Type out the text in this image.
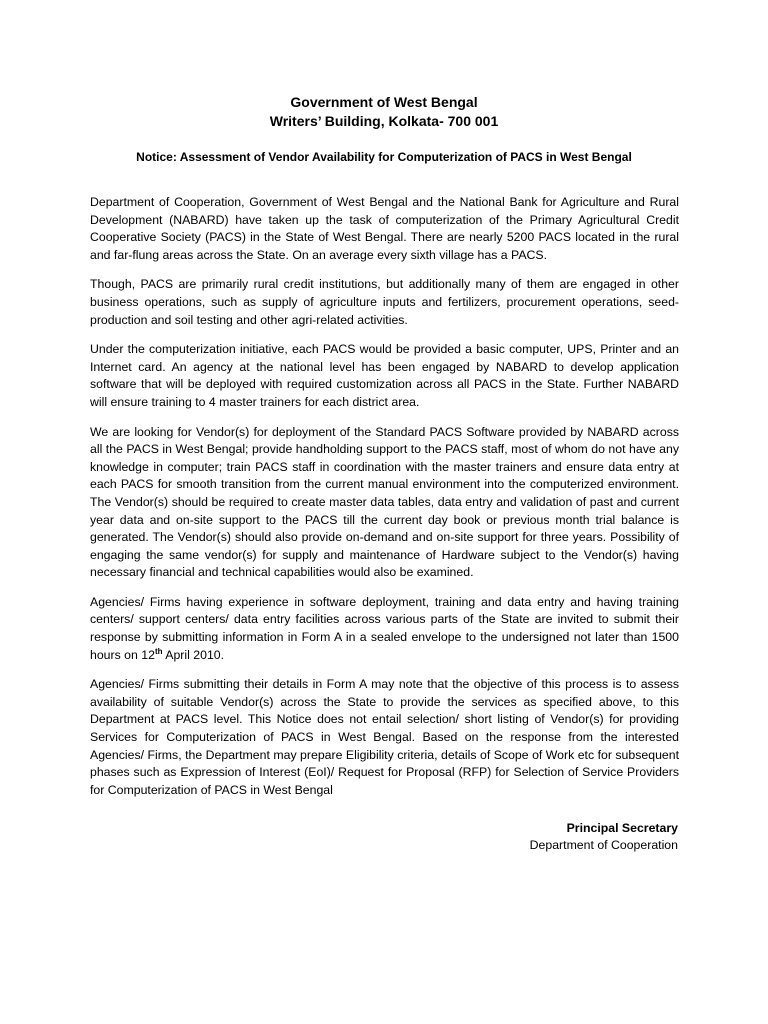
Government of West Bengal
Writers’ Building, Kolkata- 700 001
Notice: Assessment of Vendor Availability for Computerization of PACS in West Bengal

Department of Cooperation, Government of West Bengal and the National Bank for Agriculture and Rural Development (NABARD) have taken up the task of computerization of the Primary Agricultural Credit Cooperative Society (PACS) in the State of West Bengal. There are nearly 5200 PACS located in the rural and far-flung areas across the State. On an average every sixth village has a PACS.

Though, PACS are primarily rural credit institutions, but additionally many of them are engaged in other business operations, such as supply of agriculture inputs and fertilizers, procurement operations, seed-production and soil testing and other agri-related activities.

Under the computerization initiative, each PACS would be provided a basic computer, UPS, Printer and an Internet card. An agency at the national level has been engaged by NABARD to develop application software that will be deployed with required customization across all PACS in the State. Further NABARD will ensure training to 4 master trainers for each district area.

We are looking for Vendor(s) for deployment of the Standard PACS Software provided by NABARD across all the PACS in West Bengal; provide handholding support to the PACS staff, most of whom do not have any knowledge in computer; train PACS staff in coordination with the master trainers and ensure data entry at each PACS for smooth transition from the current manual environment into the computerized environment. The Vendor(s) should be required to create master data tables, data entry and validation of past and current year data and on-site support to the PACS till the current day book or previous month trial balance is generated. The Vendor(s) should also provide on-demand and on-site support for three years. Possibility of engaging the same vendor(s) for supply and maintenance of Hardware subject to the Vendor(s) having necessary financial and technical capabilities would also be examined.

Agencies/ Firms having experience in software deployment, training and data entry and having training centers/ support centers/ data entry facilities across various parts of the State are invited to submit their response by submitting information in Form A in a sealed envelope to the undersigned not later than 1500 hours on 12th April 2010.

Agencies/ Firms submitting their details in Form A may note that the objective of this process is to assess availability of suitable Vendor(s) across the State to provide the services as specified above, to this Department at PACS level. This Notice does not entail selection/ short listing of Vendor(s) for providing Services for Computerization of PACS in West Bengal. Based on the response from the interested Agencies/ Firms, the Department may prepare Eligibility criteria, details of Scope of Work etc for subsequent phases such as Expression of Interest (EoI)/ Request for Proposal (RFP) for Selection of Service Providers for Computerization of PACS in West Bengal

Principal Secretary
Department of Cooperation
